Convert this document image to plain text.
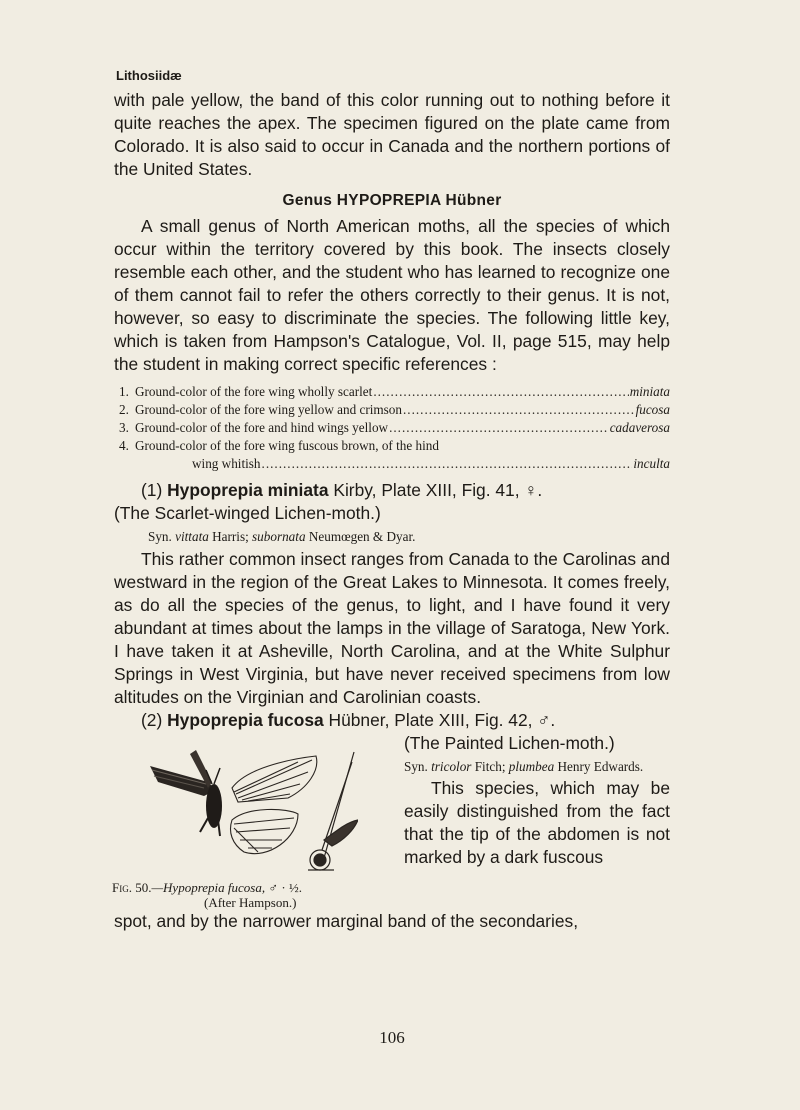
Lithosiidæ

with pale yellow, the band of this color running out to nothing before it quite reaches the apex. The specimen figured on the plate came from Colorado. It is also said to occur in Canada and the northern portions of the United States.

Genus HYPOPREPIA Hübner

A small genus of North American moths, all the species of which occur within the territory covered by this book. The insects closely resemble each other, and the student who has learned to recognize one of them cannot fail to refer the others correctly to their genus. It is not, however, so easy to discriminate the species. The following little key, which is taken from Hampson's Catalogue, Vol. II, page 515, may help the student in making correct specific references :

1. Ground-color of the fore wing wholly scarlet .....	miniata
2. Ground-color of the fore wing yellow and crimson .....	fucosa
3. Ground-color of the fore and hind wings yellow .....	cadaverosa
4. Ground-color of the fore wing fuscous brown, of the hind
wing whitish .....	inculta
(1) Hypoprepia miniata Kirby, Plate XIII, Fig. 41, ♀.
(The Scarlet-winged Lichen-moth.)
Syn. vittata Harris; subornata Neumœgen & Dyar.

This rather common insect ranges from Canada to the Carolinas and westward in the region of the Great Lakes to Minnesota. It comes freely, as do all the species of the genus, to light, and I have found it very abundant at times about the lamps in the village of Saratoga, New York. I have taken it at Asheville, North Carolina, and at the White Sulphur Springs in West Virginia, but have never received specimens from low altitudes on the Virginian and Carolinian coasts.

(2) Hypoprepia fucosa Hübner, Plate XIII, Fig. 42, ♂.
Fig. 50.—Hypoprepia fucosa, ♂ · ½.
(After Hampson.)
(The Painted Lichen-moth.)
Syn. tricolor Fitch; plumbea Henry Edwards.

This species, which may be easily distinguished from the fact that the tip of the abdomen is not marked by a dark fuscous

spot, and by the narrower marginal band of the secondaries,

106
